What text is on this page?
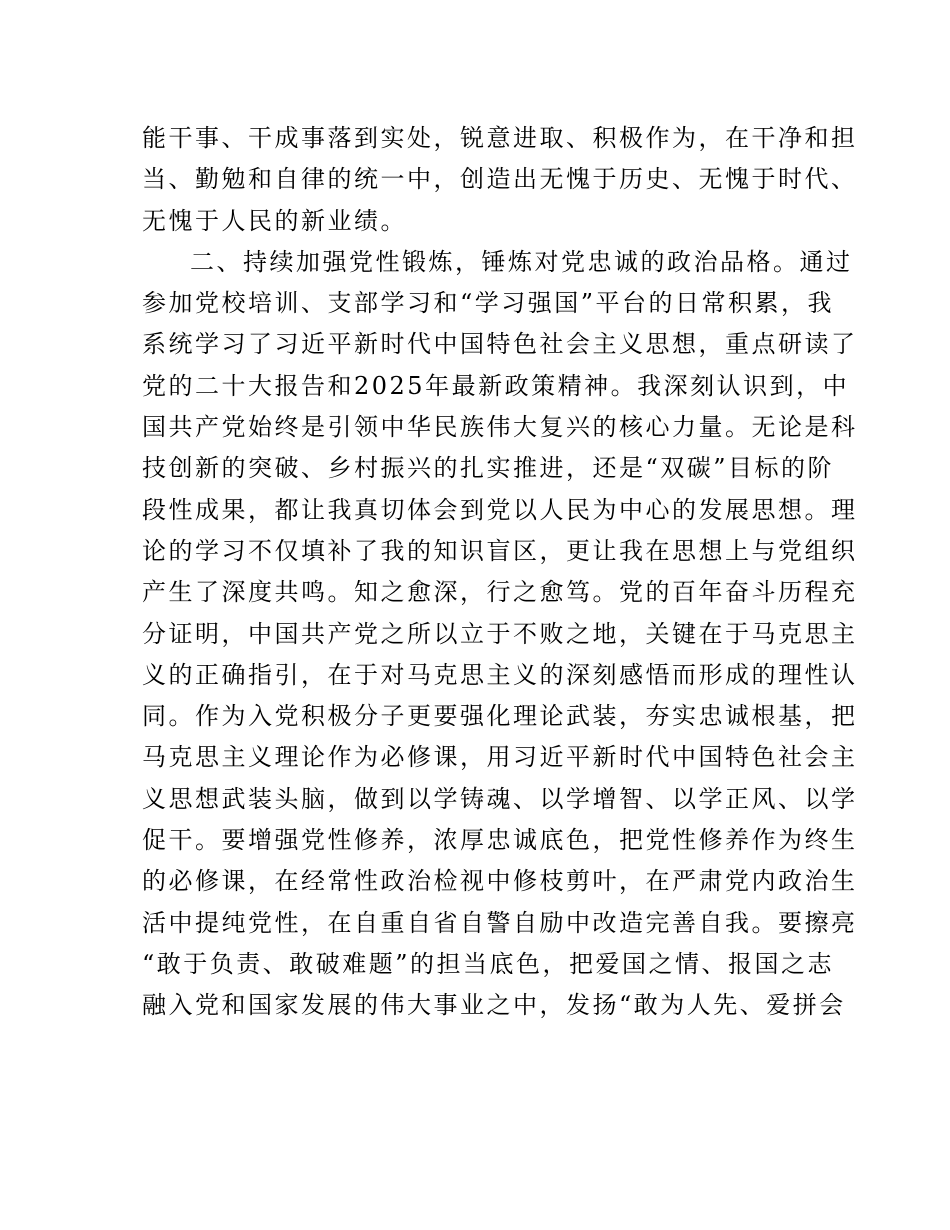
能干事、干成事落到实处，锐意进取、积极作为，在干净和担
当、勤勉和自律的统一中，创造出无愧于历史、无愧于时代、
无愧于人民的新业绩。
二、持续加强党性锻炼，锤炼对党忠诚的政治品格。通过
参加党校培训、支部学习和“学习强国”平台的日常积累，我
系统学习了习近平新时代中国特色社会主义思想，重点研读了
党的二十大报告和2025年最新政策精神。我深刻认识到，中
国共产党始终是引领中华民族伟大复兴的核心力量。无论是科
技创新的突破、乡村振兴的扎实推进，还是“双碳”目标的阶
段性成果，都让我真切体会到党以人民为中心的发展思想。理
论的学习不仅填补了我的知识盲区，更让我在思想上与党组织
产生了深度共鸣。知之愈深，行之愈笃。党的百年奋斗历程充
分证明，中国共产党之所以立于不败之地，关键在于马克思主
义的正确指引，在于对马克思主义的深刻感悟而形成的理性认
同。作为入党积极分子更要强化理论武装，夯实忠诚根基，把
马克思主义理论作为必修课，用习近平新时代中国特色社会主
义思想武装头脑，做到以学铸魂、以学增智、以学正风、以学
促干。要增强党性修养，浓厚忠诚底色，把党性修养作为终生
的必修课，在经常性政治检视中修枝剪叶，在严肃党内政治生
活中提纯党性，在自重自省自警自励中改造完善自我。要擦亮
“敢于负责、敢破难题”的担当底色，把爱国之情、报国之志
融入党和国家发展的伟大事业之中，发扬“敢为人先、爱拼会
